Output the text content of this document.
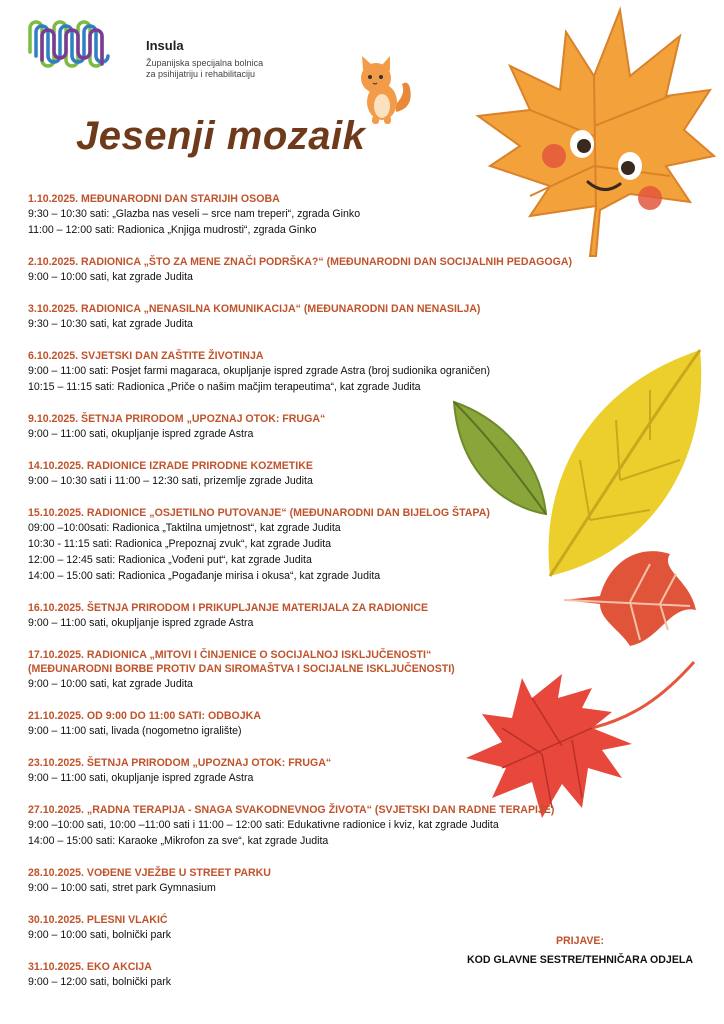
Insula
Županijska specijalna bolnica
za psihijatriju i rehabilitaciju
Jesenji mozaik
1.10.2025. MEĐUNARODNI DAN STARIJIH OSOBA
9:30 – 10:30 sati: „Glazba nas veseli – srce nam treperi“, zgrada Ginko
11:00 – 12:00 sati: Radionica „Knjiga mudrosti“, zgrada Ginko
2.10.2025. RADIONICA „ŠTO ZA MENE ZNAČI PODRŠKA?“ (MEĐUNARODNI DAN SOCIJALNIH PEDAGOGA)
9:00 – 10:00 sati, kat zgrade Judita
3.10.2025. RADIONICA „NENASILNA KOMUNIKACIJA“ (MEĐUNARODNI DAN NENASILJA)
9:30 – 10:30 sati, kat zgrade Judita
6.10.2025. SVJETSKI DAN ZAŠTITE ŽIVOTINJA
9:00 – 11:00 sati: Posjet farmi magaraca, okupljanje ispred zgrade Astra (broj sudionika ograničen)
10:15 – 11:15 sati: Radionica „Priče o našim mačjim terapeutima“, kat zgrade Judita
9.10.2025. ŠETNJA PRIRODOM „UPOZNAJ OTOK: FRUGA“
9:00 – 11:00 sati, okupljanje ispred zgrade Astra
14.10.2025. RADIONICE IZRADE PRIRODNE KOZMETIKE
9:00 – 10:30 sati i 11:00 – 12:30 sati, prizemlje zgrade Judita
15.10.2025. RADIONICE „OSJETILNO PUTOVANJE“ (MEĐUNARODNI DAN BIJELOG ŠTAPA)
09:00 –10:00sati: Radionica „Taktilna umjetnost“, kat zgrade Judita
10:30 - 11:15 sati: Radionica „Prepoznaj zvuk“, kat zgrade Judita
12:00 – 12:45 sati: Radionica „Vođeni put“, kat zgrade Judita
14:00 – 15:00 sati: Radionica „Pogađanje mirisa i okusa“, kat zgrade Judita
16.10.2025. ŠETNJA PRIRODOM I PRIKUPLJANJE MATERIJALA ZA RADIONICE
9:00 – 11:00 sati, okupljanje ispred zgrade Astra
17.10.2025. RADIONICA „MITOVI I ČINJENICE O SOCIJALNOJ ISKLJUČENOSTI“
(MEĐUNARODNI BORBE PROTIV DAN SIROMAŠTVA I SOCIJALNE ISKLJUČENOSTI)
9:00 – 10:00 sati, kat zgrade Judita
21.10.2025. OD 9:00 DO 11:00 SATI: ODBOJKA
9:00 – 11:00 sati, livada (nogometno igralište)
23.10.2025. ŠETNJA PRIRODOM „UPOZNAJ OTOK: FRUGA“
9:00 – 11:00 sati, okupljanje ispred zgrade Astra
27.10.2025. „RADNA TERAPIJA - SNAGA SVAKODNEVNOG ŽIVOTA“ (SVJETSKI DAN RADNE TERAPIJE)
9:00 –10:00 sati, 10:00 –11:00 sati i 11:00 – 12:00 sati: Edukativne radionice i kviz, kat zgrade Judita
14:00 – 15:00 sati: Karaoke „Mikrofon za sve“, kat zgrade Judita
28.10.2025. VOĐENE VJEŽBE U STREET PARKU
9:00 – 10:00 sati, stret park Gymnasium
30.10.2025. PLESNI VLAKIĆ
9:00 – 10:00 sati, bolnički park
31.10.2025. EKO AKCIJA
9:00 – 12:00 sati, bolnički park
PRIJAVE:
KOD GLAVNE SESTRE/TEHNIČARA ODJELA
